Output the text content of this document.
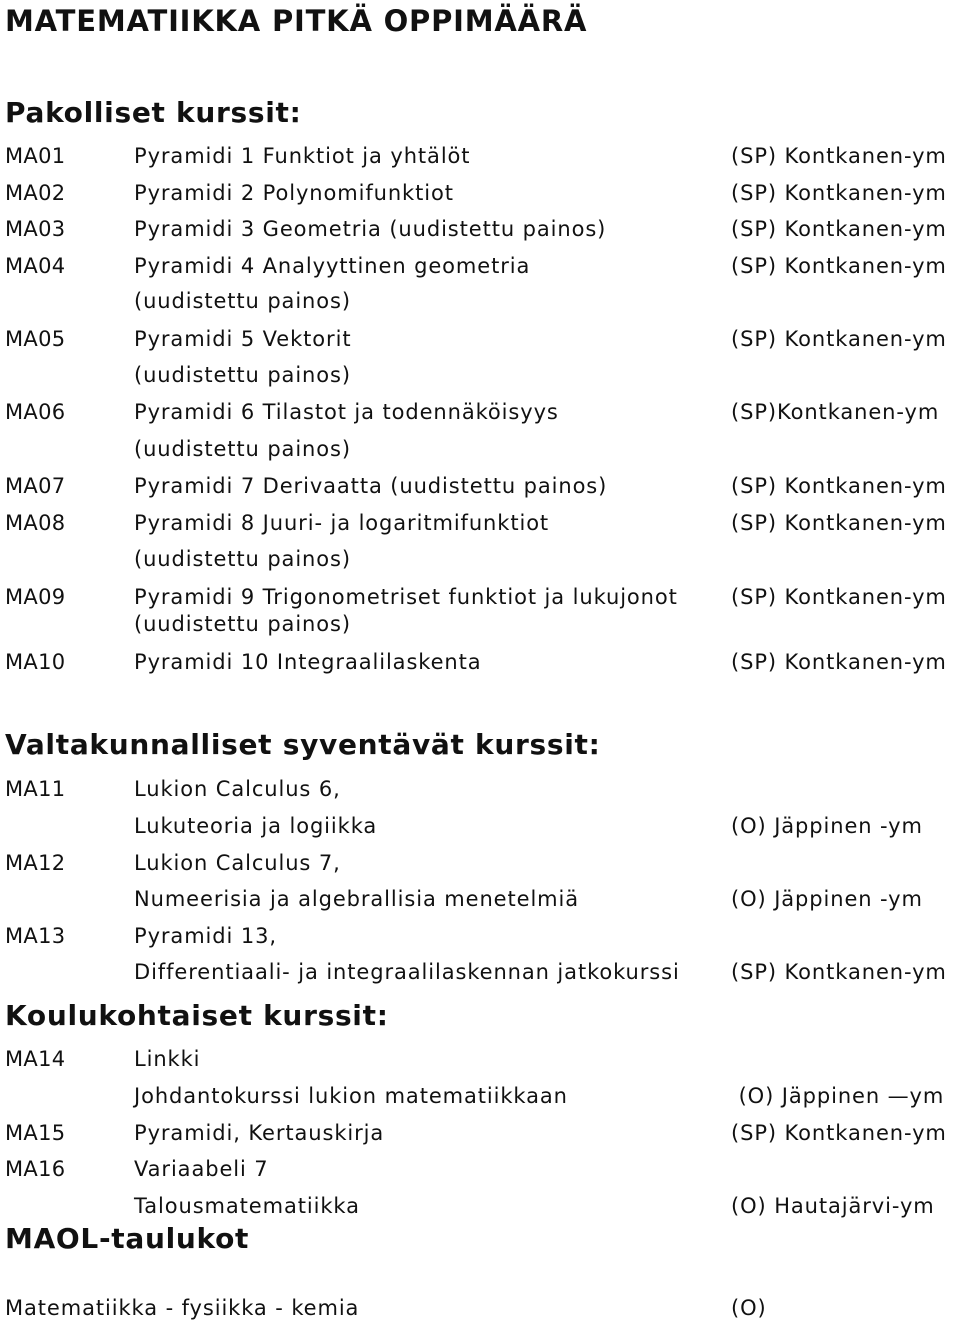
MATEMATIIKKA PITKÄ OPPIMÄÄRÄ
Pakolliset kurssit:
MA01	Pyramidi 1 Funktiot ja yhtälöt	(SP) Kontkanen-ym
MA02	Pyramidi 2 Polynomifunktiot	(SP) Kontkanen-ym
MA03	Pyramidi 3 Geometria (uudistettu painos)	(SP) Kontkanen-ym
MA04	Pyramidi 4 Analyyttinen geometria	(SP) Kontkanen-ym
(uudistettu painos)
MA05	Pyramidi 5 Vektorit	(SP) Kontkanen-ym
(uudistettu painos)
MA06	Pyramidi 6 Tilastot ja todennäköisyys	(SP)Kontkanen-ym
(uudistettu painos)
MA07	Pyramidi 7 Derivaatta (uudistettu painos)	(SP) Kontkanen-ym
MA08	Pyramidi 8 Juuri- ja logaritmifunktiot	(SP) Kontkanen-ym
(uudistettu painos)
MA09	Pyramidi 9 Trigonometriset funktiot ja lukujonot	(SP) Kontkanen-ym
(uudistettu painos)
MA10	Pyramidi 10 Integraalilaskenta	(SP) Kontkanen-ym
Valtakunnalliset syventävät kurssit:
MA11	Lukion Calculus 6,
Lukuteoria ja logiikka	(O) Jäppinen -ym
MA12	Lukion Calculus 7,
Numeerisia ja algebrallisia menetelmiä	(O) Jäppinen -ym
MA13	Pyramidi 13,
Differentiaali- ja integraalilaskennan jatkokurssi (SP) Kontkanen-ym
Koulukohtaiset kurssit:
MA14	Linkki
Johdantokurssi lukion matematiikkaan	(O) Jäppinen —ym
MA15	Pyramidi, Kertauskirja	(SP) Kontkanen-ym
MA16	Variaabeli 7
Talousmatematiikka	(O) Hautajärvi-ym
MAOL-taulukot
Matematiikka - fysiikka - kemia	(O)
